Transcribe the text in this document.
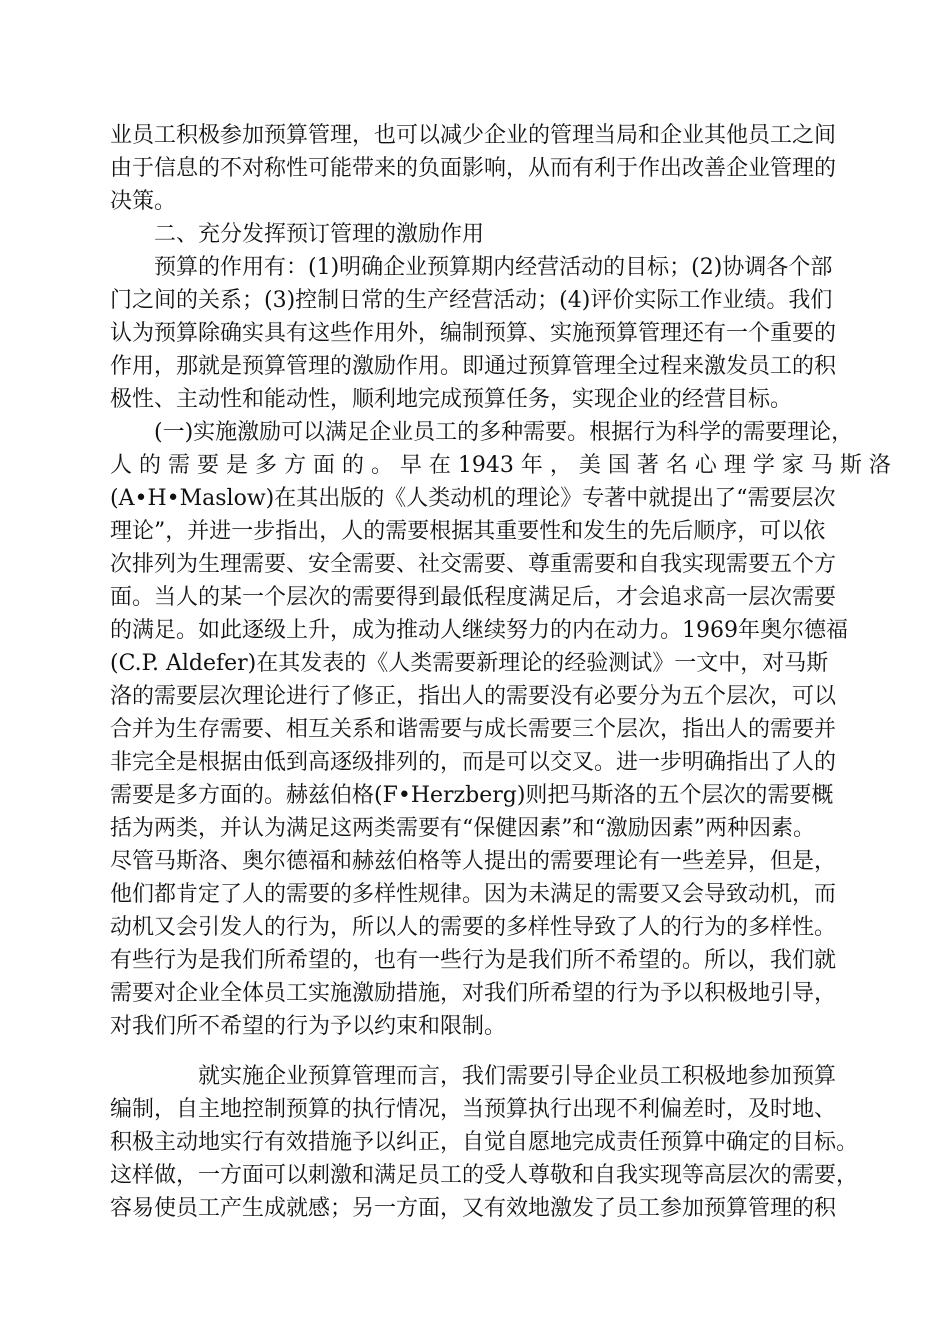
业员工积极参加预算管理，也可以减少企业的管理当局和企业其他员工之间
由于信息的不对称性可能带来的负面影响，从而有利于作出改善企业管理的
决策。
二、充分发挥预订管理的激励作用
预算的作用有：(1)明确企业预算期内经营活动的目标；(2)协调各个部
门之间的关系；(3)控制日常的生产经营活动；(4)评价实际工作业绩。我们
认为预算除确实具有这些作用外，编制预算、实施预算管理还有一个重要的
作用，那就是预算管理的激励作用。即通过预算管理全过程来激发员工的积
极性、主动性和能动性，顺利地完成预算任务，实现企业的经营目标。
(一)实施激励可以满足企业员工的多种需要。根据行为科学的需要理论，
人 的 需 要 是 多 方 面 的 。 早 在 1943 年 ， 美 国 著 名 心 理 学 家 马 斯 洛
(A•H•Maslow)在其出版的《人类动机的理论》专著中就提出了“需要层次
理论”，并进一步指出，人的需要根据其重要性和发生的先后顺序，可以依
次排列为生理需要、安全需要、社交需要、尊重需要和自我实现需要五个方
面。当人的某一个层次的需要得到最低程度满足后，才会追求高一层次需要
的满足。如此逐级上升，成为推动人继续努力的内在动力。1969年奥尔德福
(C.P. Aldefer)在其发表的《人类需要新理论的经验测试》一文中，对马斯
洛的需要层次理论进行了修正，指出人的需要没有必要分为五个层次，可以
合并为生存需要、相互关系和谐需要与成长需要三个层次，指出人的需要并
非完全是根据由低到高逐级排列的，而是可以交叉。进一步明确指出了人的
需要是多方面的。赫兹伯格(F•Herzberg)则把马斯洛的五个层次的需要概
括为两类，并认为满足这两类需要有“保健因素”和“激励因素”两种因素。
尽管马斯洛、奥尔德福和赫兹伯格等人提出的需要理论有一些差异，但是，
他们都肯定了人的需要的多样性规律。因为未满足的需要又会导致动机，而
动机又会引发人的行为，所以人的需要的多样性导致了人的行为的多样性。
有些行为是我们所希望的，也有一些行为是我们所不希望的。所以，我们就
需要对企业全体员工实施激励措施，对我们所希望的行为予以积极地引导，
对我们所不希望的行为予以约束和限制。
就实施企业预算管理而言，我们需要引导企业员工积极地参加预算
编制，自主地控制预算的执行情况，当预算执行出现不利偏差时，及时地、
积极主动地实行有效措施予以纠正，自觉自愿地完成责任预算中确定的目标。
这样做，一方面可以刺激和满足员工的受人尊敬和自我实现等高层次的需要，
容易使员工产生成就感；另一方面，又有效地激发了员工参加预算管理的积
